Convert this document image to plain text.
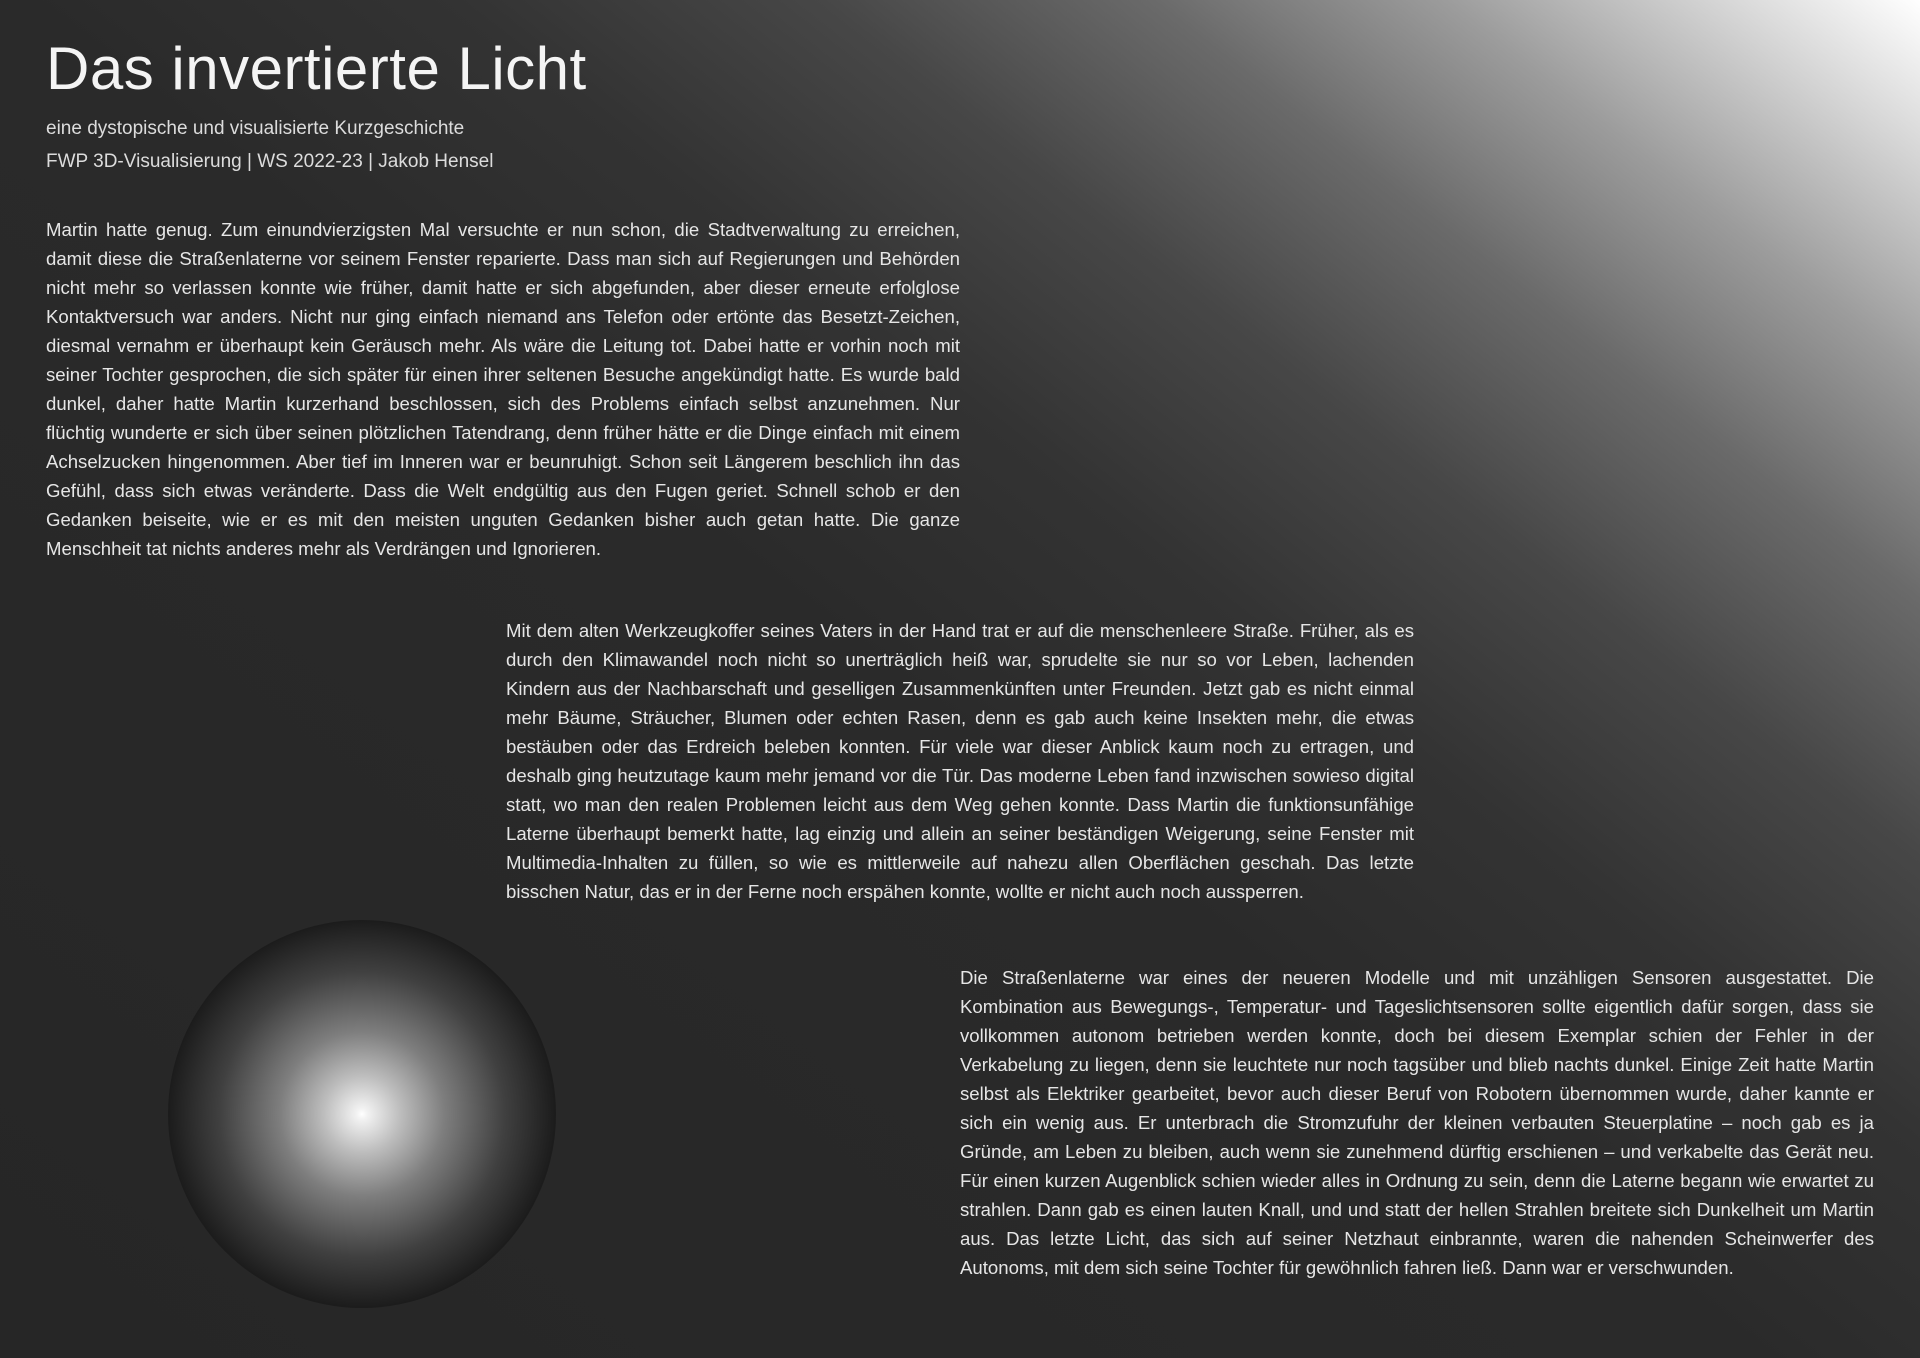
Das invertierte Licht

eine dystopische und visualisierte Kurzgeschichte

FWP 3D-Visualisierung | WS 2022-23 | Jakob Hensel

Martin hatte genug. Zum einundvierzigsten Mal versuchte er nun schon, die Stadtverwaltung zu erreichen, damit diese die Straßenlaterne vor seinem Fenster reparierte. Dass man sich auf Regierungen und Behörden nicht mehr so verlassen konnte wie früher, damit hatte er sich abgefunden, aber dieser erneute erfolglose Kontaktversuch war anders. Nicht nur ging einfach niemand ans Telefon oder ertönte das Besetzt-Zeichen, diesmal vernahm er überhaupt kein Geräusch mehr. Als wäre die Leitung tot. Dabei hatte er vorhin noch mit seiner Tochter gesprochen, die sich später für einen ihrer seltenen Besuche angekündigt hatte. Es wurde bald dunkel, daher hatte Martin kurzerhand beschlossen, sich des Problems einfach selbst anzunehmen. Nur flüchtig wunderte er sich über seinen plötzlichen Tatendrang, denn früher hätte er die Dinge einfach mit einem Achselzucken hingenommen. Aber tief im Inneren war er beunruhigt. Schon seit Längerem beschlich ihn das Gefühl, dass sich etwas veränderte. Dass die Welt endgültig aus den Fugen geriet. Schnell schob er den Gedanken beiseite, wie er es mit den meisten unguten Gedanken bisher auch getan hatte. Die ganze Menschheit tat nichts anderes mehr als Verdrängen und Ignorieren.

Mit dem alten Werkzeugkoffer seines Vaters in der Hand trat er auf die menschenleere Straße. Früher, als es durch den Klimawandel noch nicht so unerträglich heiß war, sprudelte sie nur so vor Leben, lachenden Kindern aus der Nachbarschaft und geselligen Zusammenkünften unter Freunden. Jetzt gab es nicht einmal mehr Bäume, Sträucher, Blumen oder echten Rasen, denn es gab auch keine Insekten mehr, die etwas bestäuben oder das Erdreich beleben konnten. Für viele war dieser Anblick kaum noch zu ertragen, und deshalb ging heutzutage kaum mehr jemand vor die Tür. Das moderne Leben fand inzwischen sowieso digital statt, wo man den realen Problemen leicht aus dem Weg gehen konnte. Dass Martin die funktionsunfähige Laterne überhaupt bemerkt hatte, lag einzig und allein an seiner beständigen Weigerung, seine Fenster mit Multimedia-Inhalten zu füllen, so wie es mittlerweile auf nahezu allen Oberflächen geschah. Das letzte bisschen Natur, das er in der Ferne noch erspähen konnte, wollte er nicht auch noch aussperren.

Die Straßenlaterne war eines der neueren Modelle und mit unzähligen Sensoren ausgestattet. Die Kombination aus Bewegungs-, Temperatur- und Tageslichtsensoren sollte eigentlich dafür sorgen, dass sie vollkommen autonom betrieben werden konnte, doch bei diesem Exemplar schien der Fehler in der Verkabelung zu liegen, denn sie leuchtete nur noch tagsüber und blieb nachts dunkel. Einige Zeit hatte Martin selbst als Elektriker gearbeitet, bevor auch dieser Beruf von Robotern übernommen wurde, daher kannte er sich ein wenig aus. Er unterbrach die Stromzufuhr der kleinen verbauten Steuerplatine – noch gab es ja Gründe, am Leben zu bleiben, auch wenn sie zunehmend dürftig erschienen – und verkabelte das Gerät neu. Für einen kurzen Augenblick schien wieder alles in Ordnung zu sein, denn die Laterne begann wie erwartet zu strahlen. Dann gab es einen lauten Knall, und und statt der hellen Strahlen breitete sich Dunkelheit um Martin aus. Das letzte Licht, das sich auf seiner Netzhaut einbrannte, waren die nahenden Scheinwerfer des Autonoms, mit dem sich seine Tochter für gewöhnlich fahren ließ. Dann war er verschwunden.
